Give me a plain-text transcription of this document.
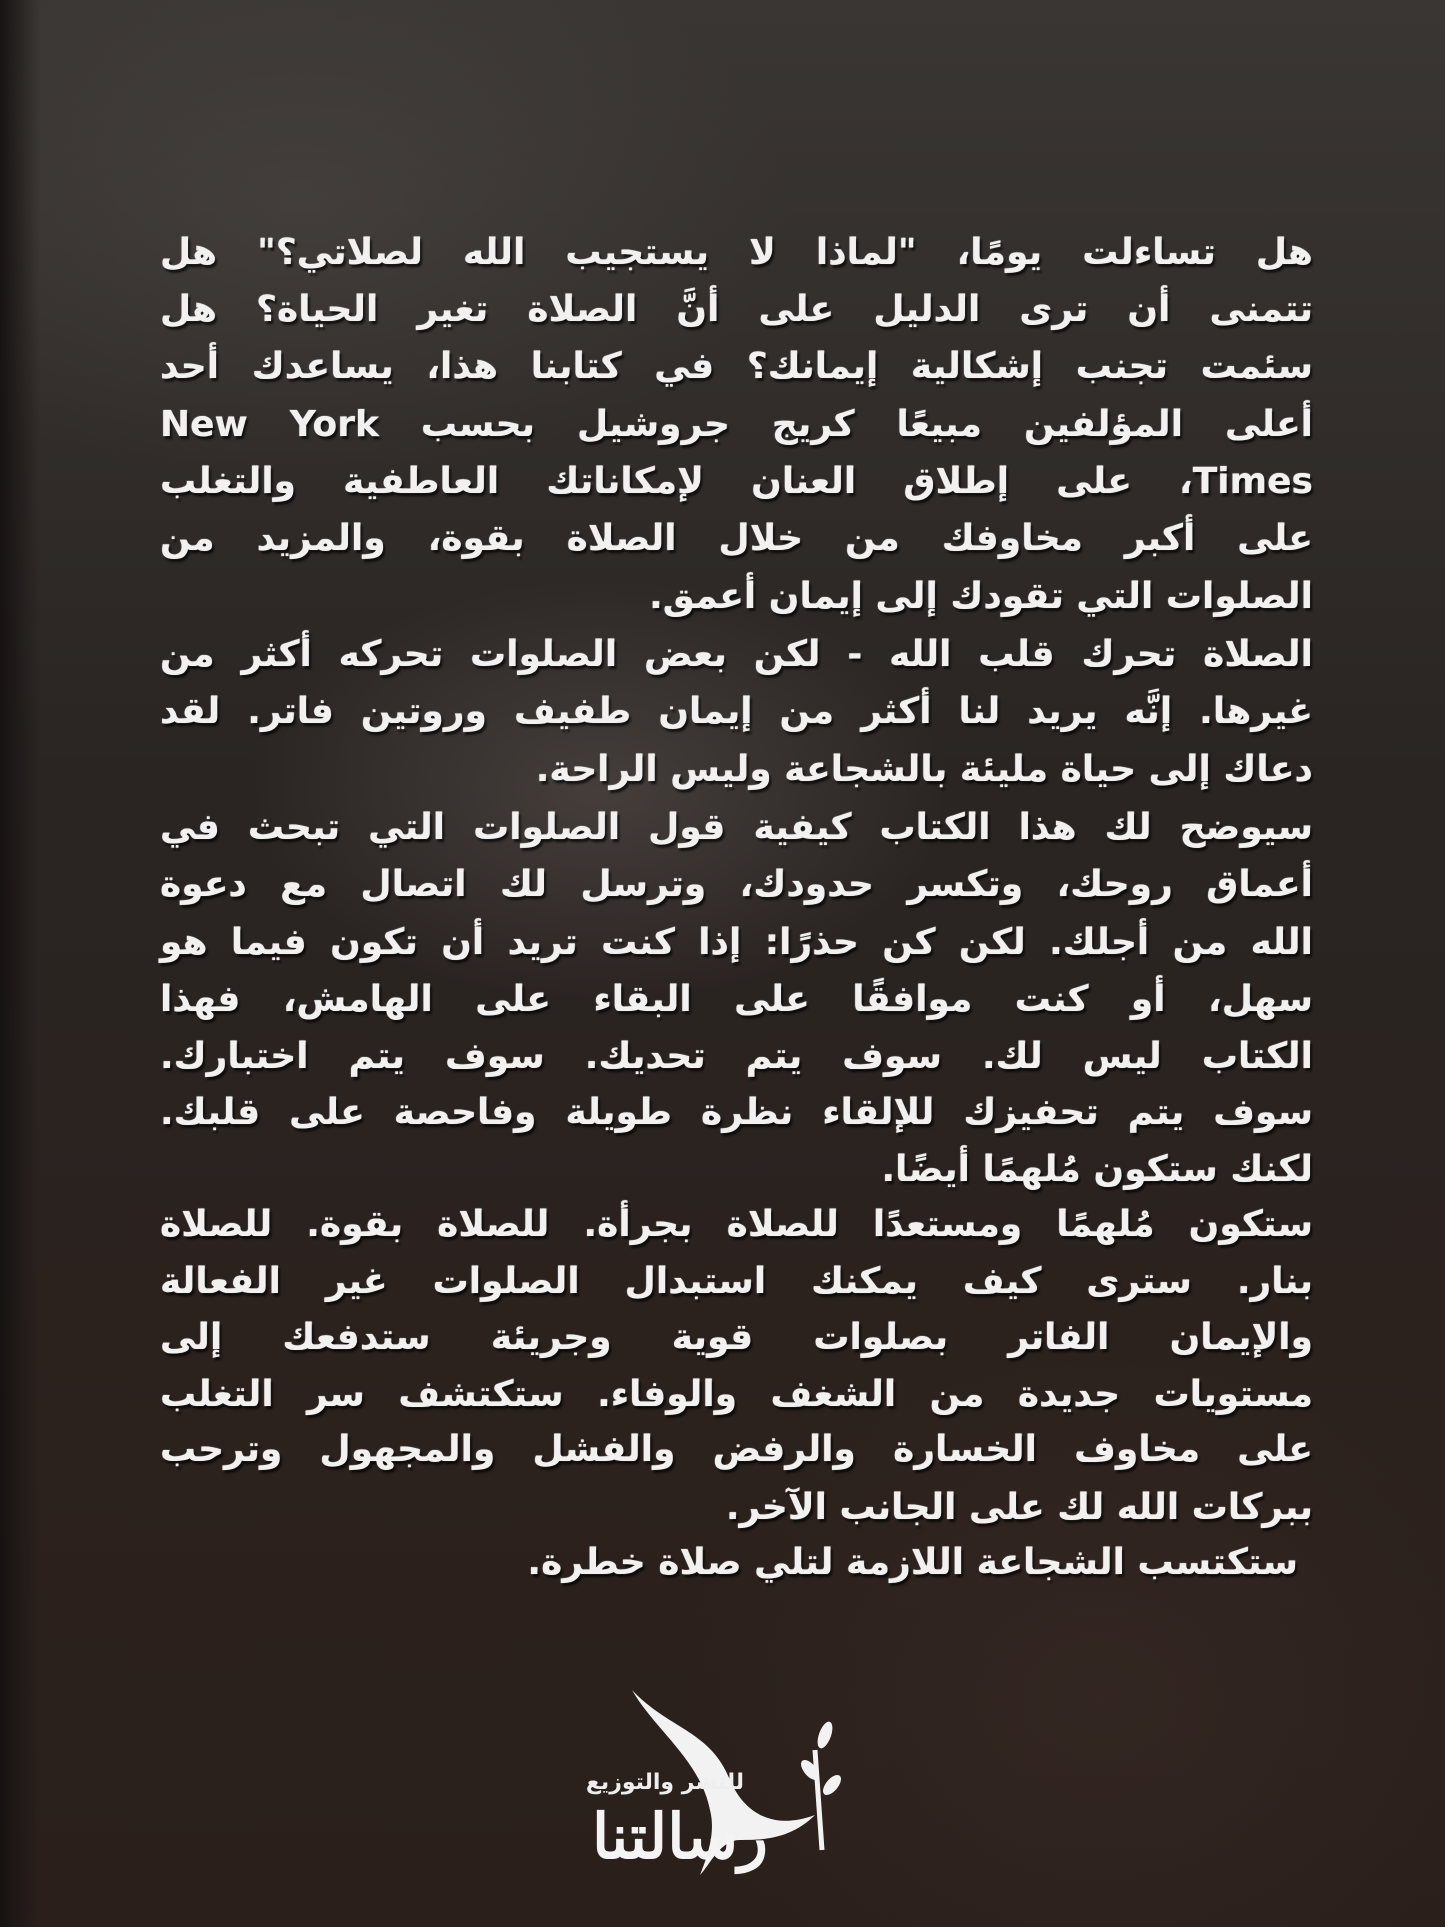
هل تساءلت يومًا، "لماذا لا يستجيب الله لصلاتي؟" هل
تتمنى أن ترى الدليل على أنَّ الصلاة تغير الحياة؟ هل
سئمت تجنب إشكالية إيمانك؟ في كتابنا هذا، يساعدك أحد
أعلى المؤلفين مبيعًا كريج جروشيل بحسب New York
Times، على إطلاق العنان لإمكاناتك العاطفية والتغلب
على أكبر مخاوفك من خلال الصلاة بقوة، والمزيد من
الصلوات التي تقودك إلى إيمان أعمق.
الصلاة تحرك قلب الله - لكن بعض الصلوات تحركه أكثر من
غيرها. إنَّه يريد لنا أكثر من إيمان طفيف وروتين فاتر. لقد
دعاك إلى حياة مليئة بالشجاعة وليس الراحة.
سيوضح لك هذا الكتاب كيفية قول الصلوات التي تبحث في
أعماق روحك، وتكسر حدودك، وترسل لك اتصال مع دعوة
الله من أجلك. لكن كن حذرًا: إذا كنت تريد أن تكون فيما هو
سهل، أو كنت موافقًا على البقاء على الهامش، فهذا
الكتاب ليس لك. سوف يتم تحديك. سوف يتم اختبارك.
سوف يتم تحفيزك للإلقاء نظرة طويلة وفاحصة على قلبك.
لكنك ستكون مُلهمًا أيضًا.
ستكون مُلهمًا ومستعدًا للصلاة بجرأة. للصلاة بقوة. للصلاة
بنار. سترى كيف يمكنك استبدال الصلوات غير الفعالة
والإيمان الفاتر بصلوات قوية وجريئة ستدفعك إلى
مستويات جديدة من الشغف والوفاء. ستكتشف سر التغلب
على مخاوف الخسارة والرفض والفشل والمجهول وترحب
ببركات الله لك على الجانب الآخر.
ستكتسب الشجاعة اللازمة لتلي صلاة خطرة.
للنشر والتوزيع
رسالتنا
